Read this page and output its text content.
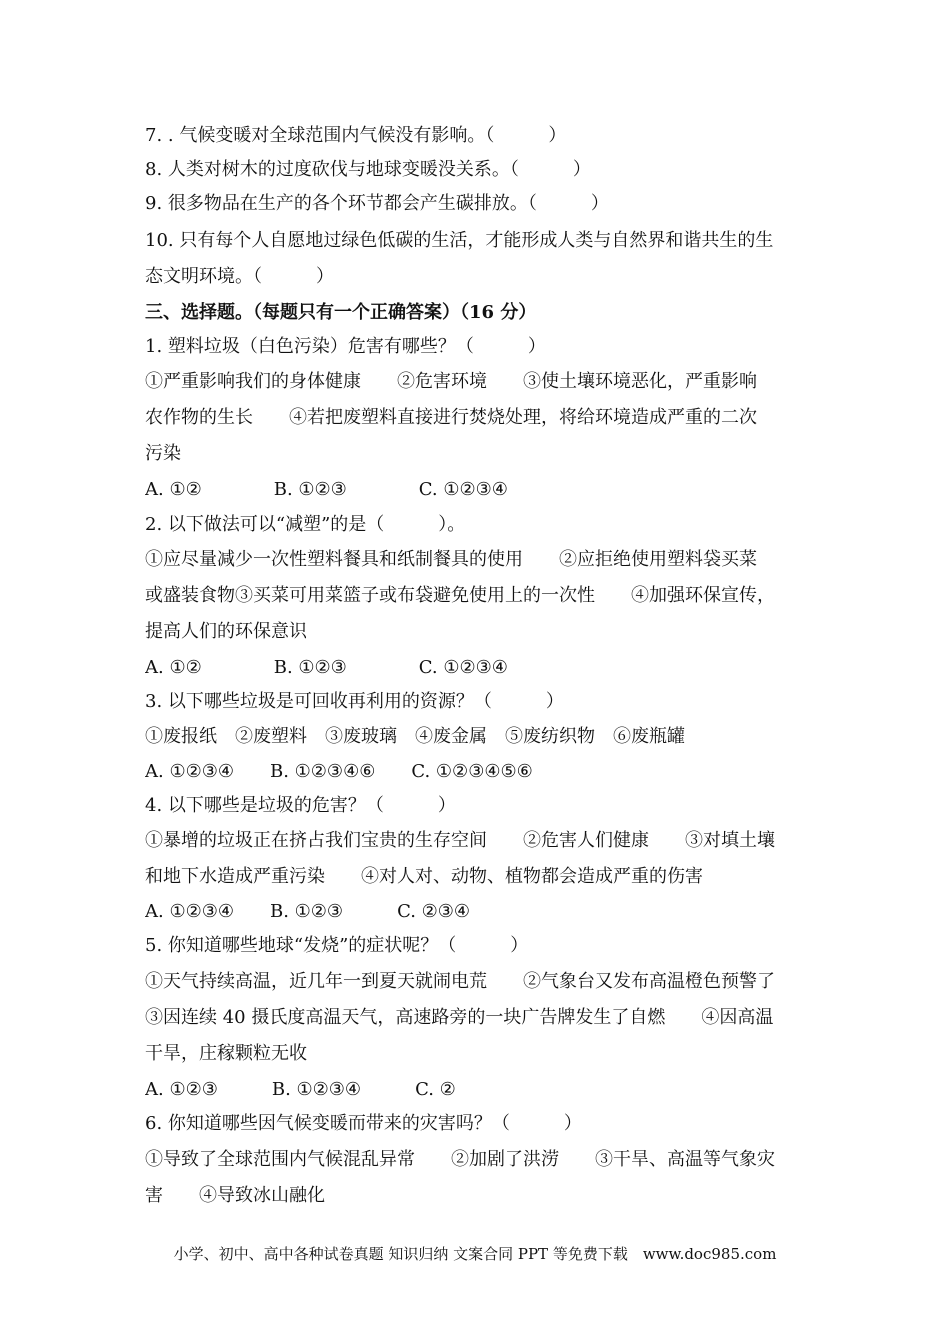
7. . 气候变暖对全球范围内气候没有影响。（　　　）
8. 人类对树木的过度砍伐与地球变暖没关系。（　　　）
9. 很多物品在生产的各个环节都会产生碳排放。（　　　）
10. 只有每个人自愿地过绿色低碳的生活，才能形成人类与自然界和谐共生的生
态文明环境。（　　　）
三、选择题。（每题只有一个正确答案）（16 分）
1. 塑料垃圾（白色污染）危害有哪些？（　　　）
①严重影响我们的身体健康　　②危害环境　　③使土壤环境恶化，严重影响
农作物的生长　　④若把废塑料直接进行焚烧处理，将给环境造成严重的二次
污染
A. ①②　　　　B. ①②③　　　　C. ①②③④
2. 以下做法可以“减塑”的是（　　　）。
①应尽量减少一次性塑料餐具和纸制餐具的使用　　②应拒绝使用塑料袋买菜
或盛装食物③买菜可用菜篮子或布袋避免使用上的一次性　　④加强环保宣传，
提高人们的环保意识
A. ①②　　　　B. ①②③　　　　C. ①②③④
3. 以下哪些垃圾是可回收再利用的资源？（　　　）
①废报纸　②废塑料　③废玻璃　④废金属　⑤废纺织物　⑥废瓶罐
A. ①②③④　　B. ①②③④⑥　　C. ①②③④⑤⑥
4. 以下哪些是垃圾的危害？（　　　）
①暴增的垃圾正在挤占我们宝贵的生存空间　　②危害人们健康　　③对填土壤
和地下水造成严重污染　　④对人对、动物、植物都会造成严重的伤害
A. ①②③④　　B. ①②③　　　C. ②③④
5. 你知道哪些地球“发烧”的症状呢？（　　　）
①天气持续高温，近几年一到夏天就闹电荒　　②气象台又发布高温橙色预警了
③因连续 40 摄氏度高温天气，高速路旁的一块广告牌发生了自燃　　④因高温
干旱，庄稼颗粒无收
A. ①②③　　　B. ①②③④　　　C. ②
6. 你知道哪些因气候变暖而带来的灾害吗？（　　　）
①导致了全球范围内气候混乱异常　　②加剧了洪涝　　③干旱、高温等气象灾
害　　④导致冰山融化
小学、初中、高中各种试卷真题 知识归纳 文案合同 PPT 等免费下载　www.doc985.com
